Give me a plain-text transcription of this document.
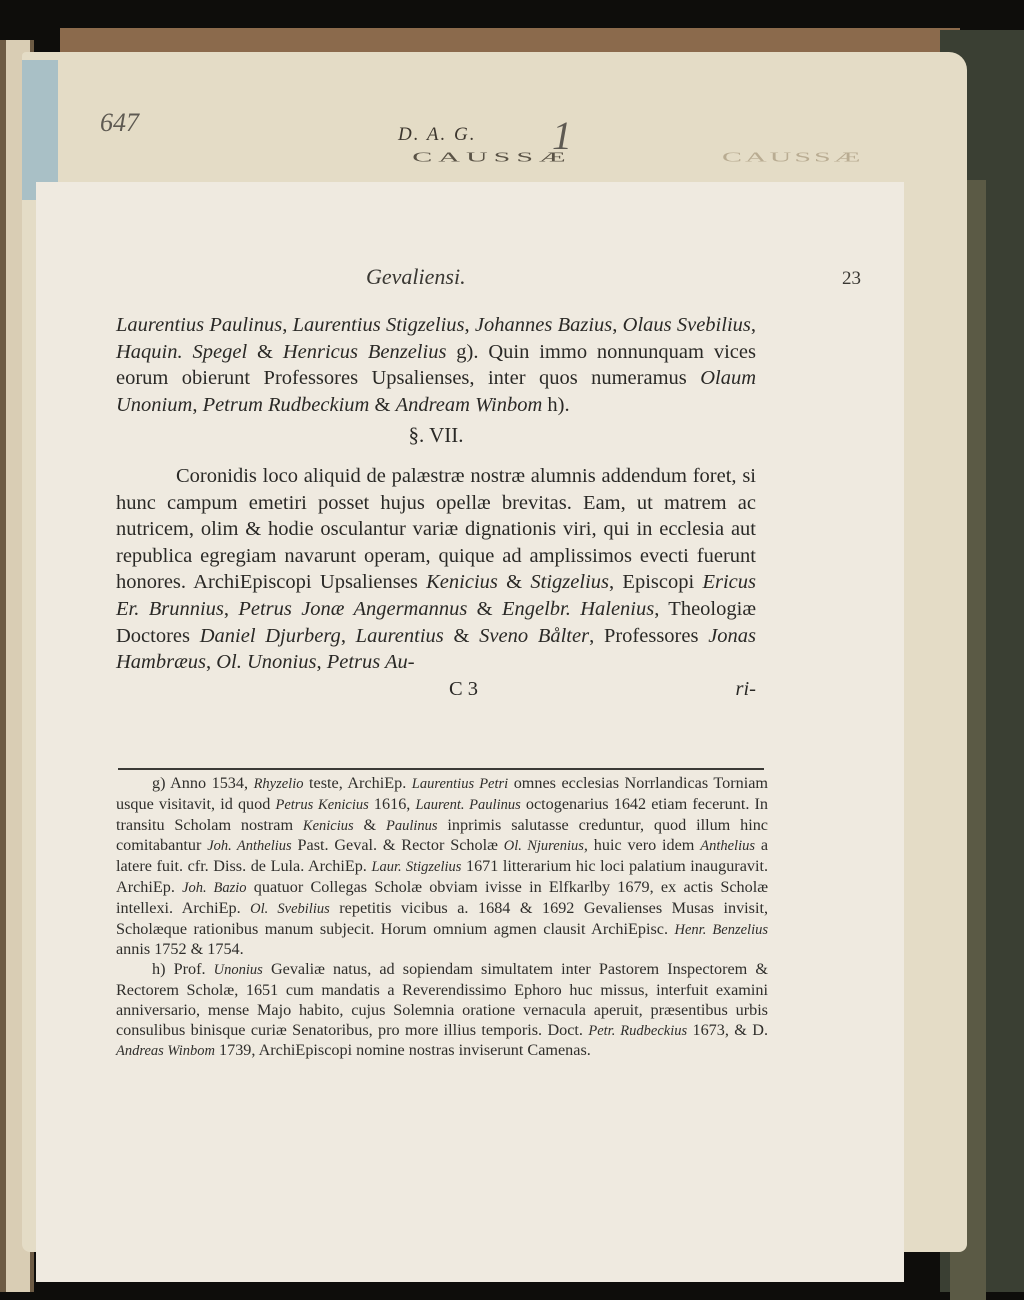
647	D. A. G. 1
CAUSSÆ	CAUSSÆ
Gevaliensi.	23

Laurentius Paulinus, Laurentius Stigzelius, Johannes Bazius, Olaus Svebilius, Haquin. Spegel & Henricus Benzelius g). Quin immo nonnunquam vices eorum obierunt Professores Upsalienses, inter quos numeramus Olaum Unonium, Petrum Rudbeckium & Andream Winbom h).

§. VII.

Coronidis loco aliquid de palæstræ nostræ alumnis addendum foret, si hunc campum emetiri posset hujus opellæ brevitas. Eam, ut matrem ac nutricem, olim & hodie osculantur variæ dignationis viri, qui in ecclesia aut republica egregiam navarunt operam, quique ad amplissimos evecti fuerunt honores. ArchiEpiscopi Upsalienses Kenicius & Stigzelius, Episcopi Ericus Er. Brunnius, Petrus Jonæ Angermannus & Engelbr. Halenius, Theologiæ Doctores Daniel Djurberg, Laurentius & Sveno Bålter, Professores Jonas Hambræus, Ol. Unonius, Petrus Au-

C 3	ri-

g) Anno 1534, Rhyzelio teste, ArchiEp. Laurentius Petri omnes ecclesias Norrlandicas Torniam usque visitavit, id quod Petrus Kenicius 1616, Laurent. Paulinus octogenarius 1642 etiam fecerunt. In transitu Scholam nostram Kenicius & Paulinus inprimis salutasse creduntur, quod illum hinc comitabantur Joh. Anthelius Past. Geval. & Rector Scholæ Ol. Njurenius, huic vero idem Anthelius a latere fuit. cfr. Diss. de Lula. ArchiEp. Laur. Stigzelius 1671 litterarium hic loci palatium inauguravit. ArchiEp. Joh. Bazio quatuor Collegas Scholæ obviam ivisse in Elfkarlby 1679, ex actis Scholæ intellexi. ArchiEp. Ol. Svebilius repetitis vicibus a. 1684 & 1692 Gevalienses Musas invisit, Scholæque rationibus manum subjecit. Horum omnium agmen clausit ArchiEpisc. Henr. Benzelius annis 1752 & 1754.

h) Prof. Unonius Gevaliæ natus, ad sopiendam simultatem inter Pastorem Inspectorem & Rectorem Scholæ, 1651 cum mandatis a Reverendissimo Ephoro huc missus, interfuit examini anniversario, mense Majo habito, cujus Solemnia oratione vernacula aperuit, præsentibus urbis consulibus binisque curiæ Senatoribus, pro more illius temporis. Doct. Petr. Rudbeckius 1673, & D. Andreas Winbom 1739, ArchiEpiscopi nomine nostras inviserunt Camenas.
